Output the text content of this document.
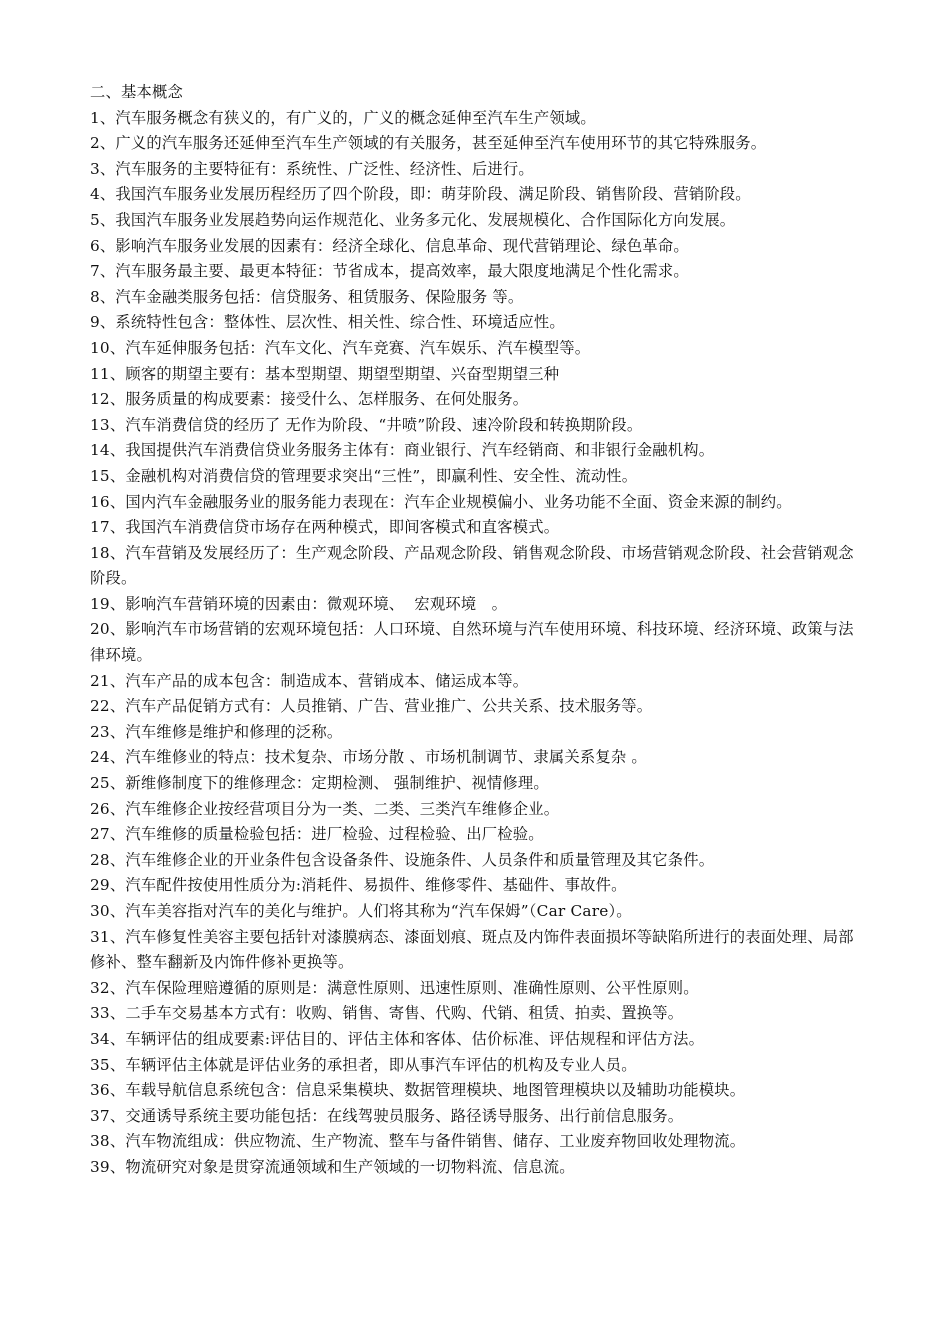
二、基本概念
1、汽车服务概念有狭义的，有广义的，广义的概念延伸至汽车生产领域。
2、广义的汽车服务还延伸至汽车生产领域的有关服务，甚至延伸至汽车使用环节的其它特殊服务。
3、汽车服务的主要特征有：系统性、广泛性、经济性、后进行。
4、我国汽车服务业发展历程经历了四个阶段，即：萌芽阶段、满足阶段、销售阶段、营销阶段。
5、我国汽车服务业发展趋势向运作规范化、业务多元化、发展规模化、合作国际化方向发展。
6、影响汽车服务业发展的因素有：经济全球化、信息革命、现代营销理论、绿色革命。
7、汽车服务最主要、最更本特征：节省成本，提高效率，最大限度地满足个性化需求。
8、汽车金融类服务包括：信贷服务、租赁服务、保险服务 等。
9、系统特性包含：整体性、层次性、相关性、综合性、环境适应性。
10、汽车延伸服务包括：汽车文化、汽车竞赛、汽车娱乐、汽车模型等。
11、顾客的期望主要有：基本型期望、期望型期望、兴奋型期望三种
12、服务质量的构成要素：接受什么、怎样服务、在何处服务。
13、汽车消费信贷的经历了 无作为阶段、“井喷”阶段、速冷阶段和转换期阶段。
14、我国提供汽车消费信贷业务服务主体有：商业银行、汽车经销商、和非银行金融机构。
15、金融机构对消费信贷的管理要求突出“三性”，即赢利性、安全性、流动性。
16、国内汽车金融服务业的服务能力表现在：汽车企业规模偏小、业务功能不全面、资金来源的制约。
17、我国汽车消费信贷市场存在两种模式，即间客模式和直客模式。
18、汽车营销及发展经历了：生产观念阶段、产品观念阶段、销售观念阶段、市场营销观念阶段、社会营销观念阶段。
19、影响汽车营销环境的因素由：微观环境、  宏观环境   。
20、影响汽车市场营销的宏观环境包括：人口环境、自然环境与汽车使用环境、科技环境、经济环境、政策与法律环境。
21、汽车产品的成本包含：制造成本、营销成本、储运成本等。
22、汽车产品促销方式有：人员推销、广告、营业推广、公共关系、技术服务等。
23、汽车维修是维护和修理的泛称。
24、汽车维修业的特点：技术复杂、市场分散 、市场机制调节、隶属关系复杂 。
25、新维修制度下的维修理念：定期检测、 强制维护、视情修理。
26、汽车维修企业按经营项目分为一类、二类、三类汽车维修企业。
27、汽车维修的质量检验包括：进厂检验、过程检验、出厂检验。
28、汽车维修企业的开业条件包含设备条件、设施条件、人员条件和质量管理及其它条件。
29、汽车配件按使用性质分为:消耗件、易损件、维修零件、基础件、事故件。
30、汽车美容指对汽车的美化与维护。人们将其称为“汽车保姆”（Car Care）。
31、汽车修复性美容主要包括针对漆膜病态、漆面划痕、斑点及内饰件表面损坏等缺陷所进行的表面处理、局部修补、整车翻新及内饰件修补更换等。
32、汽车保险理赔遵循的原则是：满意性原则、迅速性原则、准确性原则、公平性原则。
33、二手车交易基本方式有：收购、销售、寄售、代购、代销、租赁、拍卖、置换等。
34、车辆评估的组成要素:评估目的、评估主体和客体、估价标准、评估规程和评估方法。
35、车辆评估主体就是评估业务的承担者，即从事汽车评估的机构及专业人员。
36、车载导航信息系统包含：信息采集模块、数据管理模块、地图管理模块以及辅助功能模块。
37、交通诱导系统主要功能包括：在线驾驶员服务、路径诱导服务、出行前信息服务。
38、汽车物流组成：供应物流、生产物流、整车与备件销售、储存、工业废弃物回收处理物流。
39、物流研究对象是贯穿流通领域和生产领域的一切物料流、信息流。
